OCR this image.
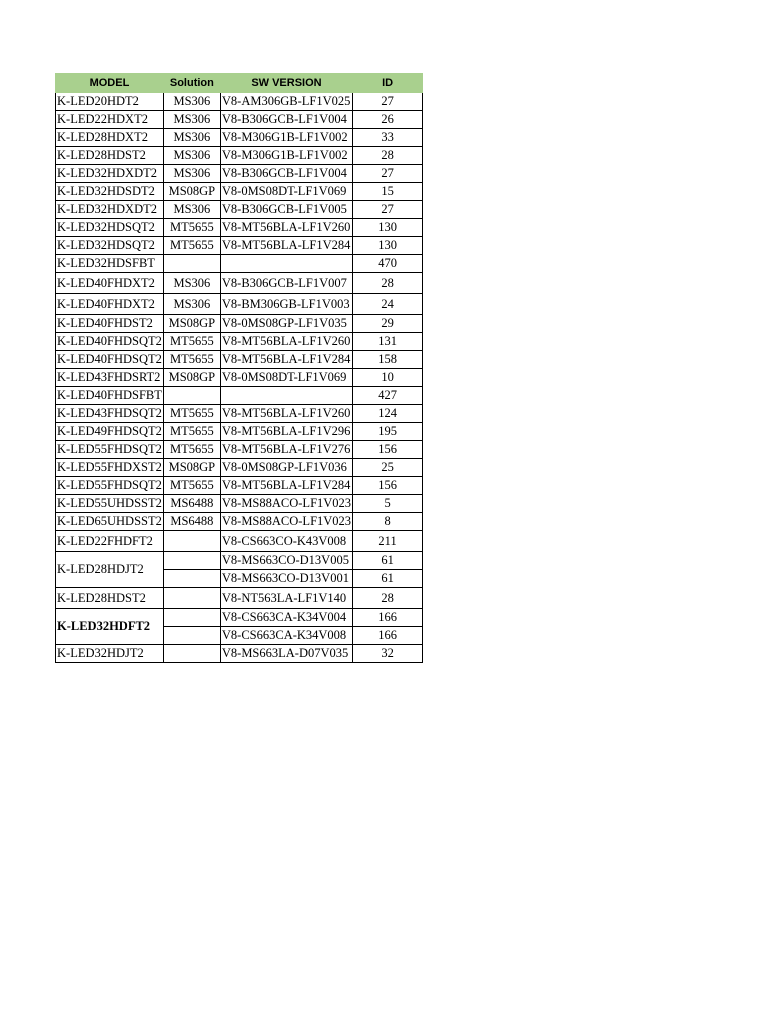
MODEL	Solution	SW VERSION	ID
K-LED20HDT2	MS306	V8-AM306GB-LF1V025	27
K-LED22HDXT2	MS306	V8-B306GCB-LF1V004	26
K-LED28HDXT2	MS306	V8-M306G1B-LF1V002	33
K-LED28HDST2	MS306	V8-M306G1B-LF1V002	28
K-LED32HDXDT2	MS306	V8-B306GCB-LF1V004	27
K-LED32HDSDT2	MS08GP	V8-0MS08DT-LF1V069	15
K-LED32HDXDT2	MS306	V8-B306GCB-LF1V005	27
K-LED32HDSQT2	MT5655	V8-MT56BLA-LF1V260	130
K-LED32HDSQT2	MT5655	V8-MT56BLA-LF1V284	130
K-LED32HDSFBT			470
K-LED40FHDXT2	MS306	V8-B306GCB-LF1V007	28
K-LED40FHDXT2	MS306	V8-BM306GB-LF1V003	24
K-LED40FHDST2	MS08GP	V8-0MS08GP-LF1V035	29
K-LED40FHDSQT2	MT5655	V8-MT56BLA-LF1V260	131
K-LED40FHDSQT2	MT5655	V8-MT56BLA-LF1V284	158
K-LED43FHDSRT2	MS08GP	V8-0MS08DT-LF1V069	10
K-LED40FHDSFBT			427
K-LED43FHDSQT2	MT5655	V8-MT56BLA-LF1V260	124
K-LED49FHDSQT2	MT5655	V8-MT56BLA-LF1V296	195
K-LED55FHDSQT2	MT5655	V8-MT56BLA-LF1V276	156
K-LED55FHDXST2	MS08GP	V8-0MS08GP-LF1V036	25
K-LED55FHDSQT2	MT5655	V8-MT56BLA-LF1V284	156
K-LED55UHDSST2	MS6488	V8-MS88ACO-LF1V023	5
K-LED65UHDSST2	MS6488	V8-MS88ACO-LF1V023	8
K-LED22FHDFT2		V8-CS663CO-K43V008	211
K-LED28HDJT2		V8-MS663CO-D13V005	61
		V8-MS663CO-D13V001	61
K-LED28HDST2		V8-NT563LA-LF1V140	28
K-LED32HDFT2		V8-CS663CA-K34V004	166
		V8-CS663CA-K34V008	166
K-LED32HDJT2		V8-MS663LA-D07V035	32
